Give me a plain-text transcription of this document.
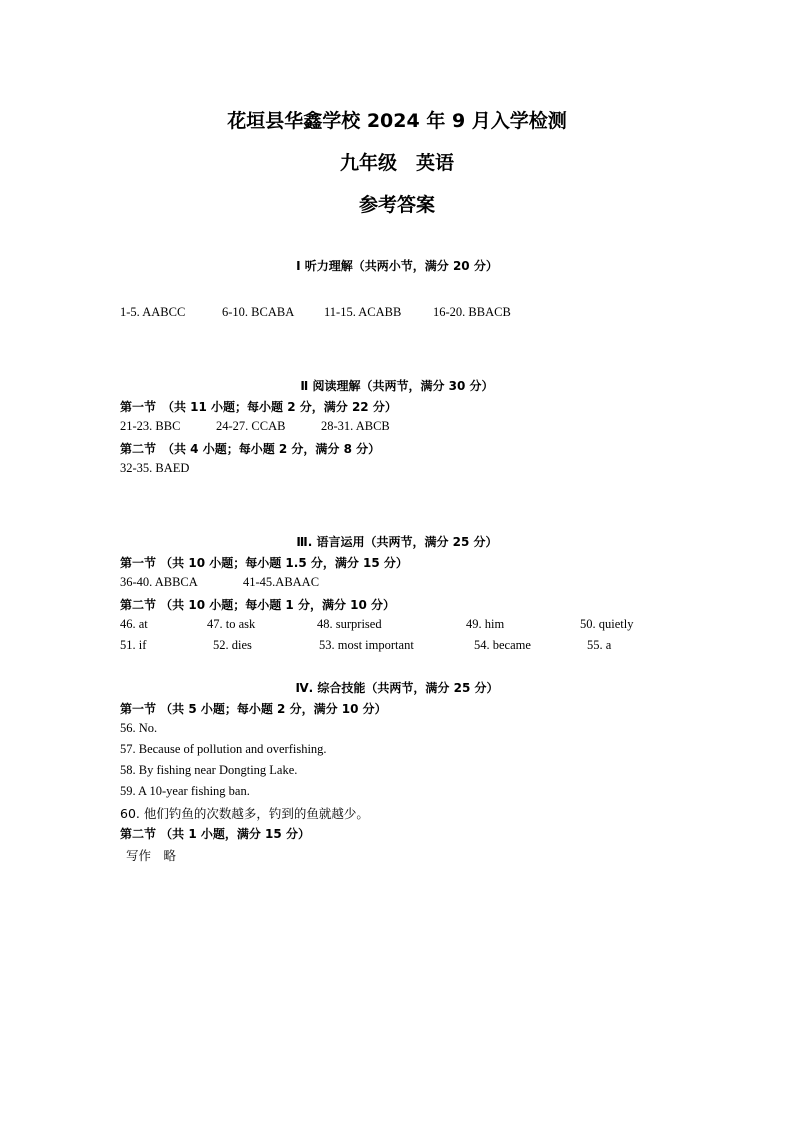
花垣县华鑫学校 2024 年 9 月入学检测
九年级　英语
参考答案
Ⅰ 听力理解（共两小节，满分 20 分）
1-5. AABCC	6-10. BCABA 11-15. ACABB	16-20. BBACB
Ⅱ 阅读理解（共两节，满分 30 分）
第一节　（共 11 小题；每小题 2 分，满分 22 分）
21-23. BBC	24-27. CCAB	28-31. ABCB
第二节　（共 4 小题；每小题 2 分，满分 8 分）
32-35. BAED
Ⅲ. 语言运用（共两节，满分 25 分）
第一节 （共 10 小题；每小题 1.5 分，满分 15 分）
36-40. ABBCA	41-45.ABAAC
第二节 （共 10 小题；每小题 1 分，满分 10 分）
46. at	47. to ask	48. surprised	49. him	50. quietly
51. if	52. dies	53. most important	54. became	55. a
Ⅳ. 综合技能（共两节，满分 25 分）
第一节 （共 5 小题；每小题 2 分，满分 10 分）
56. No.
57. Because of pollution and overfishing.
58. By fishing near Dongting Lake.
59. A 10-year fishing ban.
60. 他们钓鱼的次数越多，钓到的鱼就越少。
第二节 （共 1 小题，满分 15 分）
写作　略
